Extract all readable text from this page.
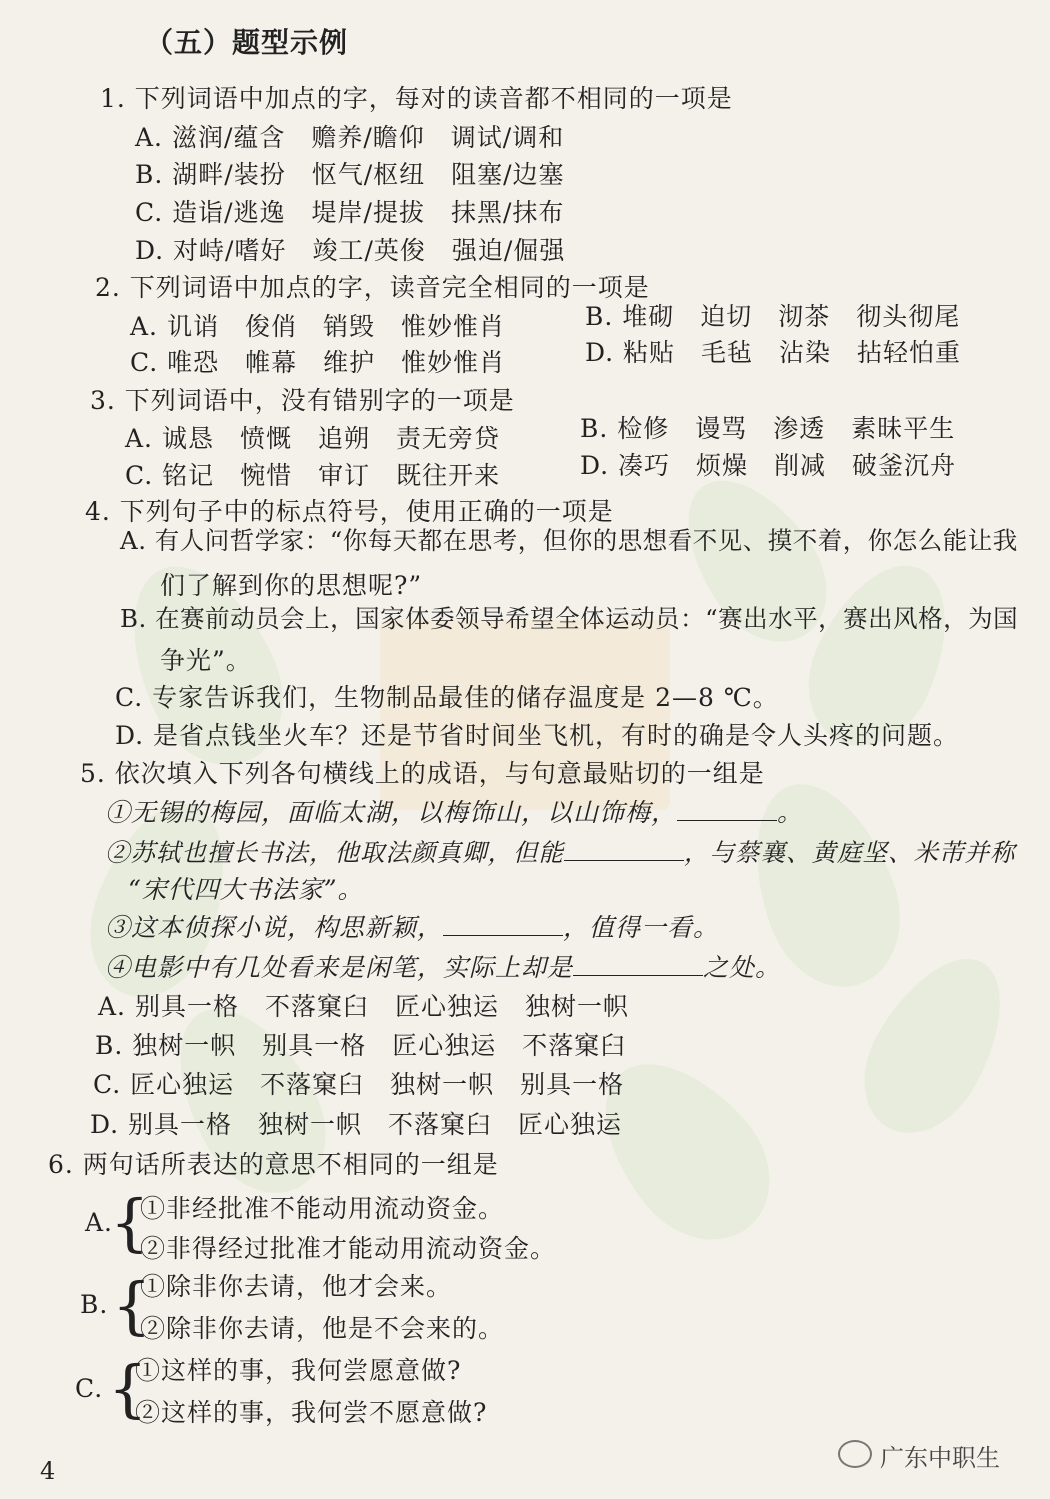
（五）题型示例
1. 下列词语中加点的字，每对的读音都不相同的一项是
A. 滋润/蕴含　赡养/瞻仰　调试/调和
B. 湖畔/装扮　怄气/枢纽　阻塞/边塞
C. 造诣/逃逸　堤岸/提拔　抹黑/抹布
D. 对峙/嗜好　竣工/英俊　强迫/倔强
2. 下列词语中加点的字，读音完全相同的一项是
A. 讥诮　俊俏　销毁　惟妙惟肖	B. 堆砌　迫切　沏茶　彻头彻尾
C. 唯恐　帷幕　维护　惟妙惟肖	D. 粘贴　毛毡　沾染　拈轻怕重
3. 下列词语中，没有错别字的一项是
A. 诚恳　愤慨　追朔　责无旁贷	B. 检修　谩骂　渗透　素昧平生
C. 铭记　惋惜　审订　既往开来	D. 凑巧　烦燥　削减　破釜沉舟
4. 下列句子中的标点符号，使用正确的一项是
A. 有人问哲学家：“你每天都在思考，但你的思想看不见、摸不着，你怎么能让我
们了解到你的思想呢?”
B. 在赛前动员会上，国家体委领导希望全体运动员：“赛出水平，赛出风格，为国
争光”。
C. 专家告诉我们，生物制品最佳的储存温度是 2—8 ℃。
D. 是省点钱坐火车？还是节省时间坐飞机，有时的确是令人头疼的问题。
5. 依次填入下列各句横线上的成语，与句意最贴切的一组是
①无锡的梅园，面临太湖，以梅饰山，以山饰梅，	。
②苏轼也擅长书法，他取法颜真卿，但能	，与蔡襄、黄庭坚、米芾并称
“宋代四大书法家”。
③这本侦探小说，构思新颖，	，值得一看。
④电影中有几处看来是闲笔，实际上却是	之处。
A. 别具一格　不落窠臼　匠心独运　独树一帜
B. 独树一帜　别具一格　匠心独运　不落窠臼
C. 匠心独运　不落窠臼　独树一帜　别具一格
D. 别具一格　独树一帜　不落窠臼　匠心独运
6. 两句话所表达的意思不相同的一组是
A.
{
①非经批准不能动用流动资金。
②非得经过批准才能动用流动资金。
B. {
①除非你去请，他才会来。
②除非你去请，他是不会来的。
C. {
①这样的事，我何尝愿意做?
②这样的事，我何尝不愿意做?
4	广东中职生
